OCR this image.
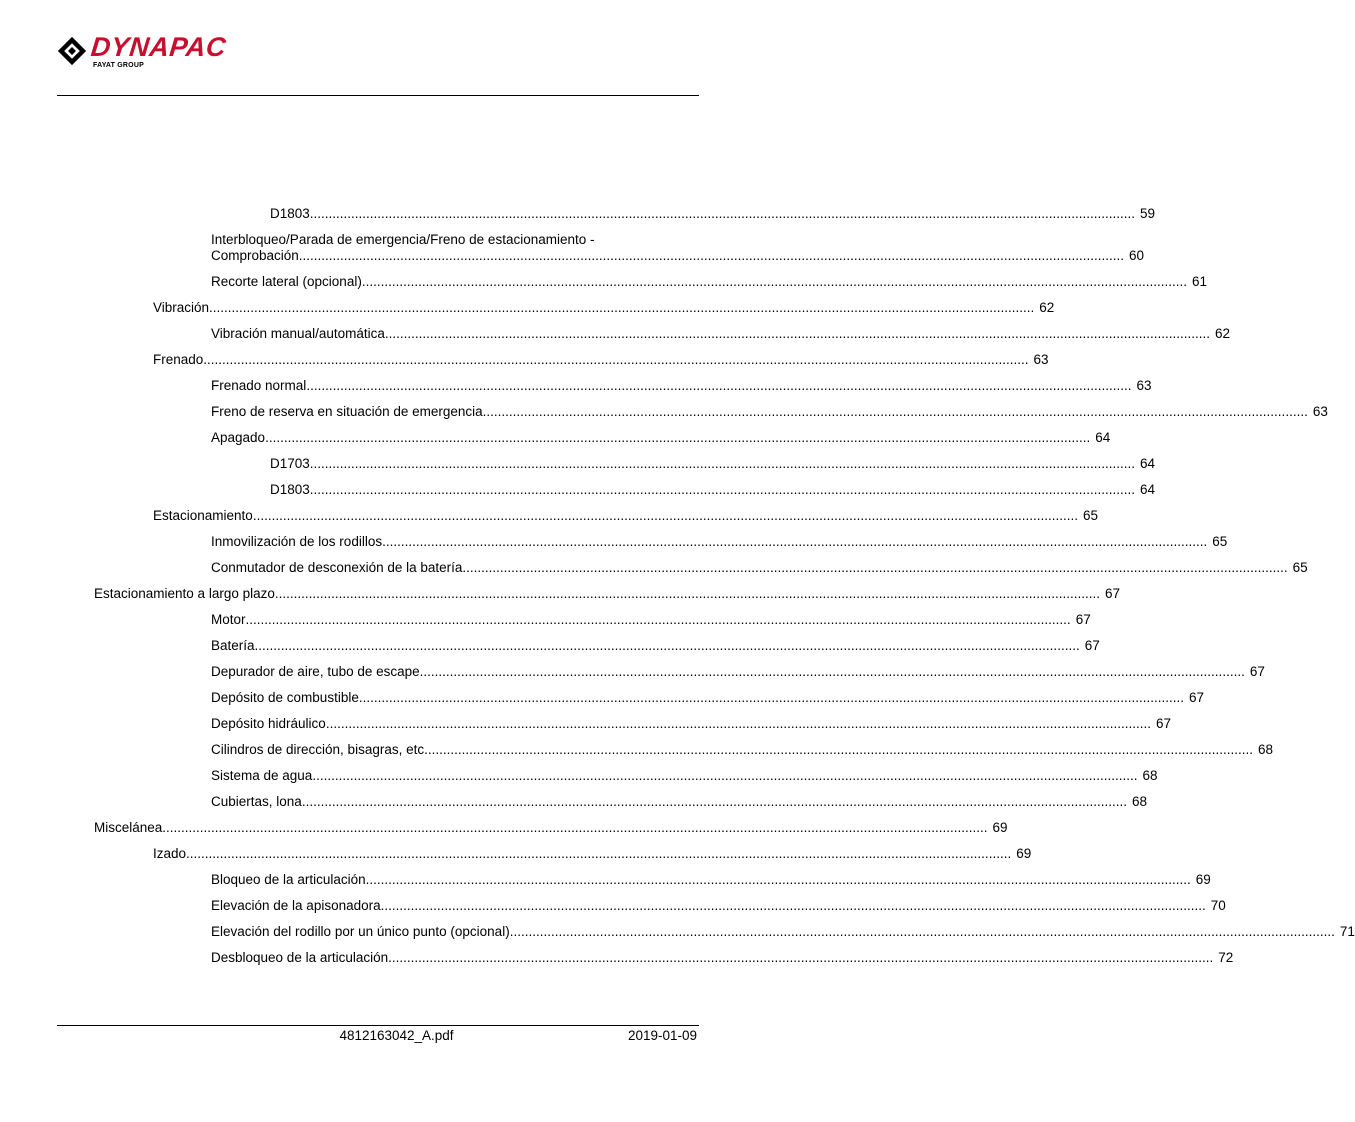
DYNAPAC
FAYAT GROUP
D1803 ............................................................................................................................................................................................................................ 59
Interbloqueo/Parada de emergencia/Freno de estacionamiento -
Comprobación ............................................................................................................................................................................................................................ 60
Recorte lateral (opcional) ............................................................................................................................................................................................................................ 61
Vibración ............................................................................................................................................................................................................................ 62
Vibración manual/automática ............................................................................................................................................................................................................................ 62
Frenado ............................................................................................................................................................................................................................ 63
Frenado normal ............................................................................................................................................................................................................................ 63
Freno de reserva en situación de emergencia ............................................................................................................................................................................................................................ 63
Apagado ............................................................................................................................................................................................................................ 64
D1703 ............................................................................................................................................................................................................................ 64
D1803 ............................................................................................................................................................................................................................ 64
Estacionamiento ............................................................................................................................................................................................................................ 65
Inmovilización de los rodillos ............................................................................................................................................................................................................................ 65
Conmutador de desconexión de la batería ............................................................................................................................................................................................................................ 65
Estacionamiento a largo plazo ............................................................................................................................................................................................................................ 67
Motor ............................................................................................................................................................................................................................ 67
Batería ............................................................................................................................................................................................................................ 67
Depurador de aire, tubo de escape ............................................................................................................................................................................................................................ 67
Depósito de combustible ............................................................................................................................................................................................................................ 67
Depósito hidráulico ............................................................................................................................................................................................................................ 67
Cilindros de dirección, bisagras, etc. ............................................................................................................................................................................................................................ 68
Sistema de agua ............................................................................................................................................................................................................................ 68
Cubiertas, lona ............................................................................................................................................................................................................................ 68
Miscelánea ............................................................................................................................................................................................................................ 69
Izado ............................................................................................................................................................................................................................ 69
Bloqueo de la articulación ............................................................................................................................................................................................................................ 69
Elevación de la apisonadora ............................................................................................................................................................................................................................ 70
Elevación del rodillo por un único punto (opcional) ............................................................................................................................................................................................................................ 71
Desbloqueo de la articulación ............................................................................................................................................................................................................................ 72
4812163042_A.pdf	2019-01-09
